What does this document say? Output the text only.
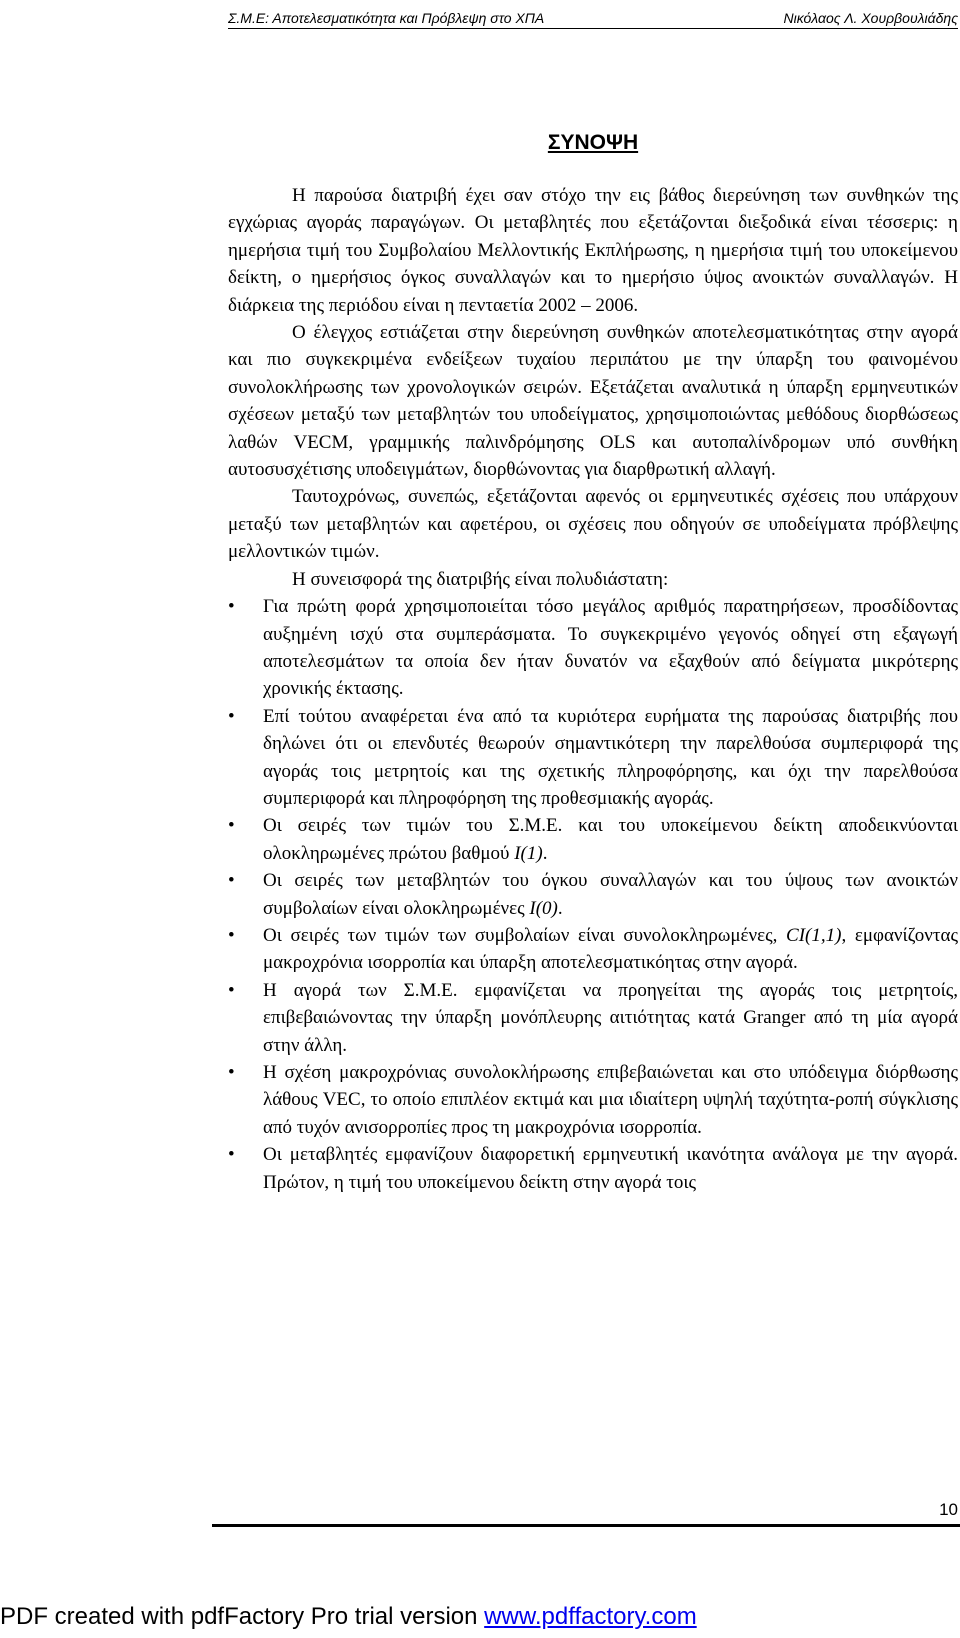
Σ.Μ.Ε: Αποτελεσματικότητα και Πρόβλεψη στο ΧΠΑ	Νικόλαος Λ. Χουρβουλιάδης
ΣΥΝΟΨΗ

Η παρούσα διατριβή έχει σαν στόχο την εις βάθος διερεύνηση των συνθηκών της εγχώριας αγοράς παραγώγων. Οι μεταβλητές που εξετάζονται διεξοδικά είναι τέσσερις: η ημερήσια τιμή του Συμβολαίου Μελλοντικής Εκπλήρωσης, η ημερήσια τιμή του υποκείμενου δείκτη, ο ημερήσιος όγκος συναλλαγών και το ημερήσιο ύψος ανοικτών συναλλαγών. Η διάρκεια της περιόδου είναι η πενταετία 2002 – 2006.

Ο έλεγχος εστιάζεται στην διερεύνηση συνθηκών αποτελεσματικότητας στην αγορά και πιο συγκεκριμένα ενδείξεων τυχαίου περιπάτου με την ύπαρξη του φαινομένου συνολοκλήρωσης των χρονολογικών σειρών. Εξετάζεται αναλυτικά η ύπαρξη ερμηνευτικών σχέσεων μεταξύ των μεταβλητών του υποδείγματος, χρησιμοποιώντας μεθόδους διορθώσεως λαθών VECM, γραμμικής παλινδρόμησης OLS και αυτοπαλίνδρομων υπό συνθήκη αυτοσυσχέτισης υποδειγμάτων, διορθώνοντας για διαρθρωτική αλλαγή.

Ταυτοχρόνως, συνεπώς, εξετάζονται αφενός οι ερμηνευτικές σχέσεις που υπάρχουν μεταξύ των μεταβλητών και αφετέρου, οι σχέσεις που οδηγούν σε υποδείγματα πρόβλεψης μελλοντικών τιμών.

Η συνεισφορά της διατριβής είναι πολυδιάστατη:

•	Για πρώτη φορά χρησιμοποιείται τόσο μεγάλος αριθμός παρατηρήσεων, προσδίδοντας αυξημένη ισχύ στα συμπεράσματα. Το συγκεκριμένο γεγονός οδηγεί στη εξαγωγή αποτελεσμάτων τα οποία δεν ήταν δυνατόν να εξαχθούν από δείγματα μικρότερης χρονικής έκτασης.
•	Επί τούτου αναφέρεται ένα από τα κυριότερα ευρήματα της παρούσας διατριβής που δηλώνει ότι οι επενδυτές θεωρούν σημαντικότερη την παρελθούσα συμπεριφορά της αγοράς τοις μετρητοίς και της σχετικής πληροφόρησης, και όχι την παρελθούσα συμπεριφορά και πληροφόρηση της προθεσμιακής αγοράς.
•	Οι σειρές των τιμών του Σ.Μ.Ε. και του υποκείμενου δείκτη αποδεικνύονται ολοκληρωμένες πρώτου βαθμού I(1).
•	Οι σειρές των μεταβλητών του όγκου συναλλαγών και του ύψους των ανοικτών συμβολαίων είναι ολοκληρωμένες I(0).
•	Οι σειρές των τιμών των συμβολαίων είναι συνολοκληρωμένες, CI(1,1), εμφανίζοντας μακροχρόνια ισορροπία και ύπαρξη αποτελεσματικόητας στην αγορά.
•	Η αγορά των Σ.Μ.Ε. εμφανίζεται να προηγείται της αγοράς τοις μετρητοίς, επιβεβαιώνοντας την ύπαρξη μονόπλευρης αιτιότητας κατά Granger από τη μία αγορά στην άλλη.
•	Η σχέση μακροχρόνιας συνολοκλήρωσης επιβεβαιώνεται και στο υπόδειγμα διόρθωσης λάθους VEC, το οποίο επιπλέον εκτιμά και μια ιδιαίτερη υψηλή ταχύτητα-ροπή σύγκλισης από τυχόν ανισορροπίες προς τη μακροχρόνια ισορροπία.
•	Οι μεταβλητές εμφανίζουν διαφορετική ερμηνευτική ικανότητα ανάλογα με την αγορά. Πρώτον, η τιμή του υποκείμενου δείκτη στην αγορά τοις
10
PDF created with pdfFactory Pro trial version www.pdffactory.com
